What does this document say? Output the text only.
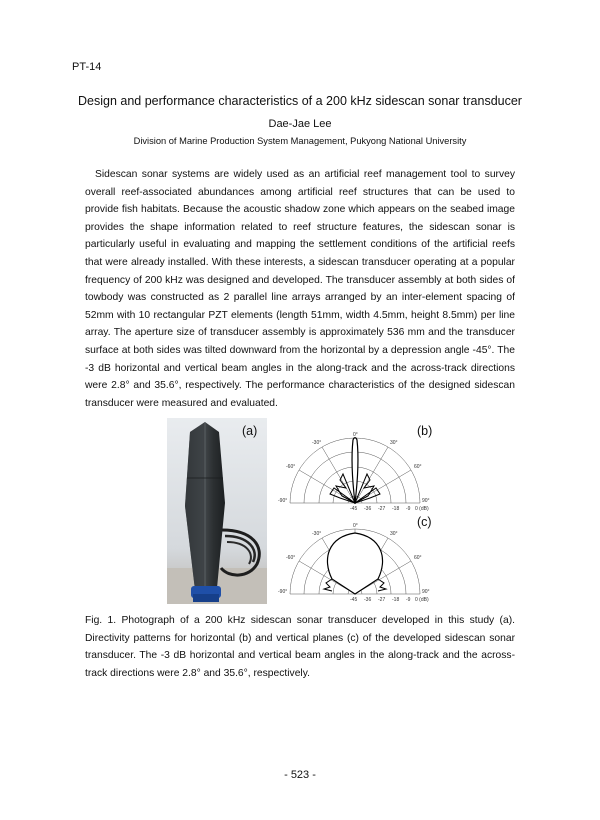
PT-14
Design and performance characteristics of a 200 kHz sidescan sonar transducer
Dae-Jae Lee
Division of Marine Production System Management, Pukyong National University

Sidescan sonar systems are widely used as an artificial reef management tool to survey overall reef-associated abundances among artificial reef structures that can be used to provide fish habitats. Because the acoustic shadow zone which appears on the seabed image provides the shape information related to reef structure features, the sidescan sonar is particularly useful in evaluating and mapping the settlement conditions of the artificial reefs that were already installed. With these interests, a sidescan transducer operating at a popular frequency of 200 kHz was designed and developed. The transducer assembly at both sides of towbody was constructed as 2 parallel line arrays arranged by an inter-element spacing of 52mm with 10 rectangular PZT elements (length 51mm, width 4.5mm, height 8.5mm) per line array. The aperture size of transducer assembly is approximately 536 mm and the transducer surface at both sides was tilted downward from the horizontal by a depression angle -45°. The -3 dB horizontal and vertical beam angles in the along-track and the across-track directions were 2.8° and 35.6°, respectively. The performance characteristics of the designed sidescan transducer were measured and evaluated.

0°
-30°	30°
-60°	60°
-90°	90°
-45 -36 -27 -18 -9 0 (dB)
0°
-30°	30°
-60°	60°
-90°	90°
-45 -36 -27 -18 -9 0 (dB)
(a)	(b)
(c)

Fig. 1. Photograph of a 200 kHz sidescan sonar transducer developed in this study (a). Directivity patterns for horizontal (b) and vertical planes (c) of the developed sidescan sonar transducer. The -3 dB horizontal and vertical beam angles in the along-track and the across-track directions were 2.8° and 35.6°, respectively.

- 523 -
